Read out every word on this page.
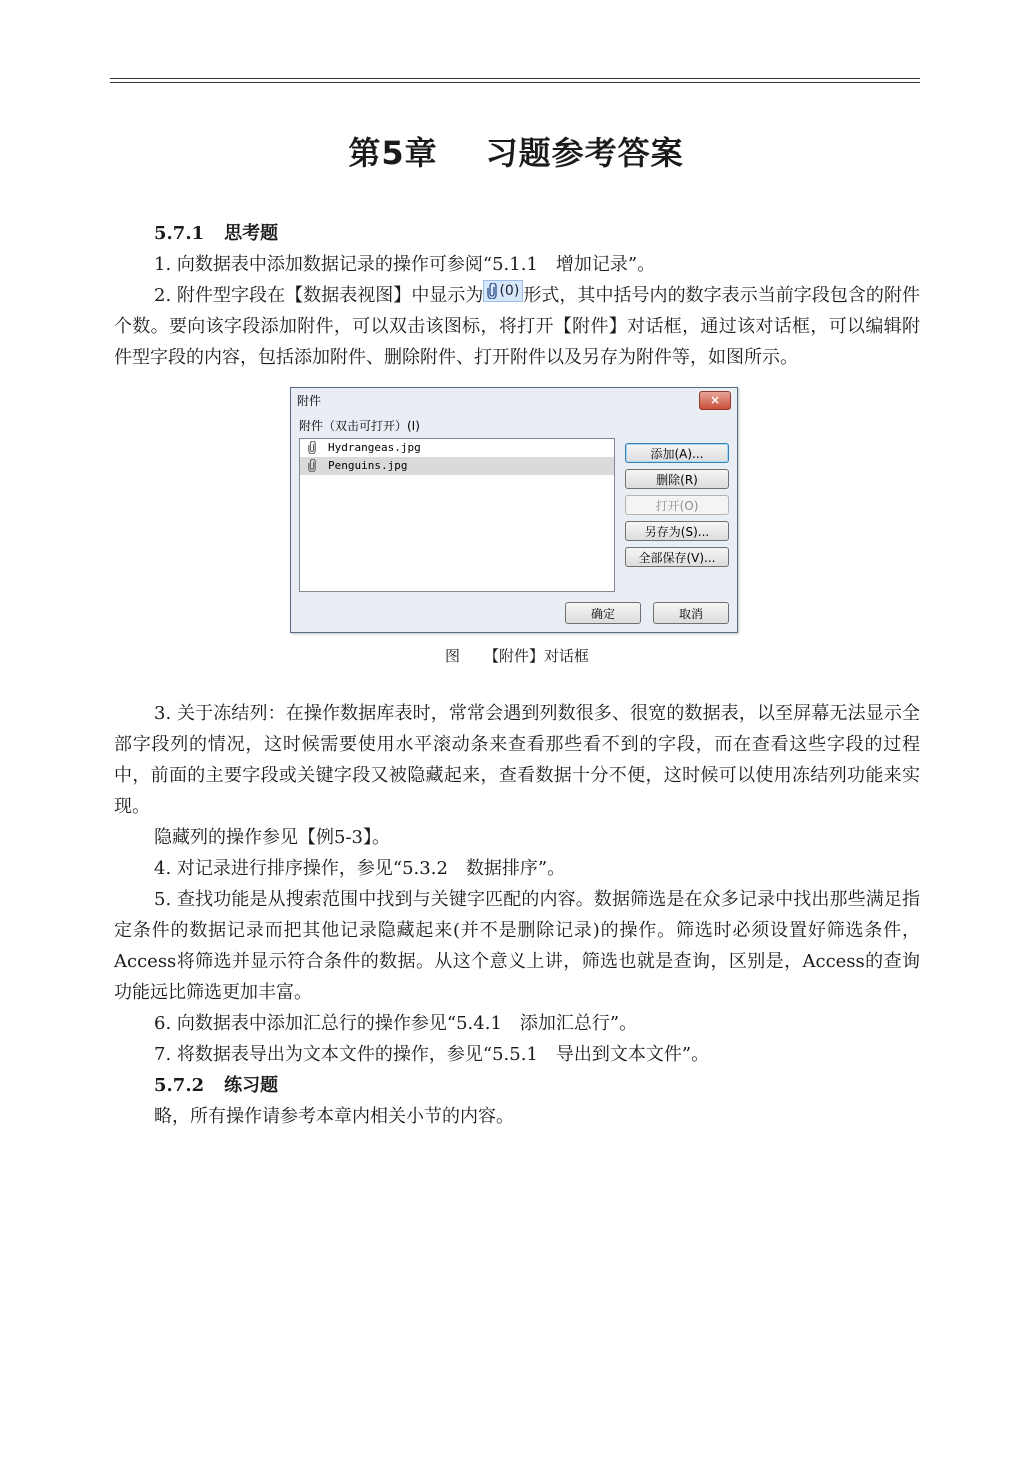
第5章 习题参考答案
5.7.1 思考题

1. 向数据表中添加数据记录的操作可参阅“5.1.1　增加记录”。

2. 附件型字段在【数据表视图】中显示为 (0) 形式，其中括号内的数字表示当前字段包含的附件个数。要向该字段添加附件，可以双击该图标，将打开【附件】对话框，通过该对话框，可以编辑附件型字段的内容，包括添加附件、删除附件、打开附件以及另存为附件等，如图所示。

附件	×
附件（双击可打开）(I)
Hydrangeas.jpg
Penguins.jpg
添加(A)...
删除(R)
打开(O)
另存为(S)...
全部保存(V)...
确定	取消
图 【附件】对话框

3. 关于冻结列：在操作数据库表时，常常会遇到列数很多、很宽的数据表，以至屏幕无法显示全部字段列的情况，这时候需要使用水平滚动条来查看那些看不到的字段，而在查看这些字段的过程中，前面的主要字段或关键字段又被隐藏起来，查看数据十分不便，这时候可以使用冻结列功能来实现。

隐藏列的操作参见【例5-3】。

4. 对记录进行排序操作，参见“5.3.2　数据排序”。

5. 查找功能是从搜索范围中找到与关键字匹配的内容。数据筛选是在众多记录中找出那些满足指定条件的数据记录而把其他记录隐藏起来(并不是删除记录)的操作。筛选时必须设置好筛选条件，Access将筛选并显示符合条件的数据。从这个意义上讲，筛选也就是查询，区别是，Access的查询功能远比筛选更加丰富。

6. 向数据表中添加汇总行的操作参见“5.4.1　添加汇总行”。

7. 将数据表导出为文本文件的操作，参见“5.5.1　导出到文本文件”。

5.7.2 练习题

略，所有操作请参考本章内相关小节的内容。
